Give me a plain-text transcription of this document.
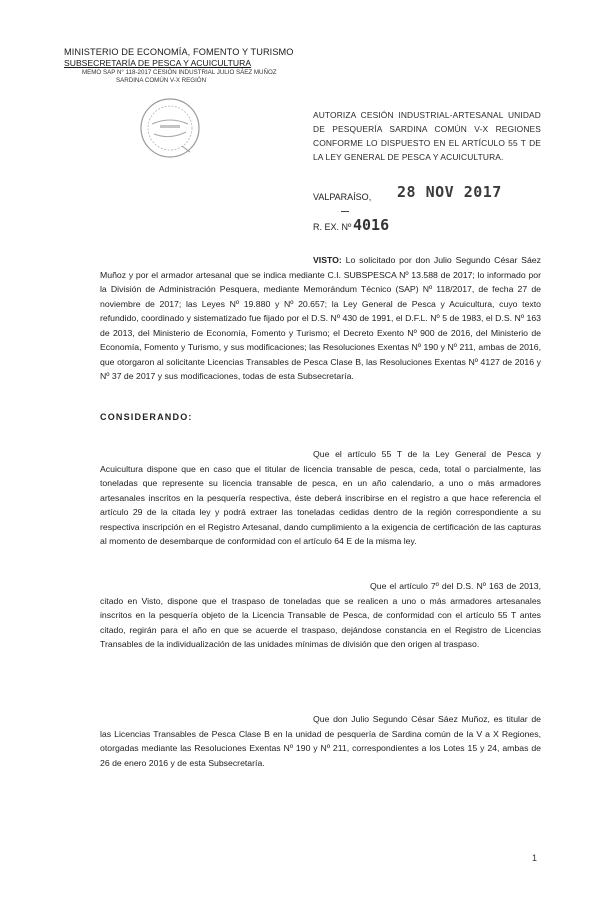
MINISTERIO DE ECONOMÍA, FOMENTO Y TURISMO
SUBSECRETARÍA DE PESCA Y ACUICULTURA
MEMO SAP N° 118-2017 CESIÓN INDUSTRIAL JULIO SÁEZ MUÑOZ
SARDINA COMÚN V-X REGIÓN
AUTORIZA CESIÓN INDUSTRIAL-ARTESANAL UNIDAD DE PESQUERÍA SARDINA COMÚN V-X REGIONES CONFORME LO DISPUESTO EN EL ARTÍCULO 55 T DE LA LEY GENERAL DE PESCA Y ACUICULTURA.
VALPARAÍSO, 28 NOV 2017
R. EX. Nº 4016
VISTO: Lo solicitado por don Julio Segundo César Sáez Muñoz y por el armador artesanal que se indica mediante C.I. SUBSPESCA Nº 13.588 de 2017; lo informado por la División de Administración Pesquera, mediante Memorándum Técnico (SAP) Nº 118/2017, de fecha 27 de noviembre de 2017; las Leyes Nº 19.880 y Nº 20.657; la Ley General de Pesca y Acuicultura, cuyo texto refundido, coordinado y sistematizado fue fijado por el D.S. Nº 430 de 1991, el D.F.L. Nº 5 de 1983, el D.S. Nº 163 de 2013, del Ministerio de Economía, Fomento y Turismo; el Decreto Exento Nº 900 de 2016, del Ministerio de Economía, Fomento y Turismo, y sus modificaciones; las Resoluciones Exentas Nº 190 y Nº 211, ambas de 2016, que otorgaron al solicitante Licencias Transables de Pesca Clase B, las Resoluciones Exentas Nº 4127 de 2016 y Nº 37 de 2017 y sus modificaciones, todas de esta Subsecretaría.
CONSIDERANDO:
Que el artículo 55 T de la Ley General de Pesca y Acuicultura dispone que en caso que el titular de licencia transable de pesca, ceda, total o parcialmente, las toneladas que represente su licencia transable de pesca, en un año calendario, a uno o más armadores artesanales inscritos en la pesquería respectiva, éste deberá inscribirse en el registro a que hace referencia el artículo 29 de la citada ley y podrá extraer las toneladas cedidas dentro de la región correspondiente a su respectiva inscripción en el Registro Artesanal, dando cumplimiento a la exigencia de certificación de las capturas al momento de desembarque de conformidad con el artículo 64 E de la misma ley.
Que el artículo 7º del D.S. Nº 163 de 2013, citado en Visto, dispone que el traspaso de toneladas que se realicen a uno o más armadores artesanales inscritos en la pesquería objeto de la Licencia Transable de Pesca, de conformidad con el artículo 55 T antes citado, regirán para el año en que se acuerde el traspaso, dejándose constancia en el Registro de Licencias Transables de la individualización de las unidades mínimas de división que den origen al traspaso.
Que don Julio Segundo César Sáez Muñoz, es titular de las Licencias Transables de Pesca Clase B en la unidad de pesquería de Sardina común de la V a X Regiones, otorgadas mediante las Resoluciones Exentas Nº 190 y Nº 211, correspondientes a los Lotes 15 y 24, ambas de 26 de enero 2016 y de esta Subsecretaría.
1
